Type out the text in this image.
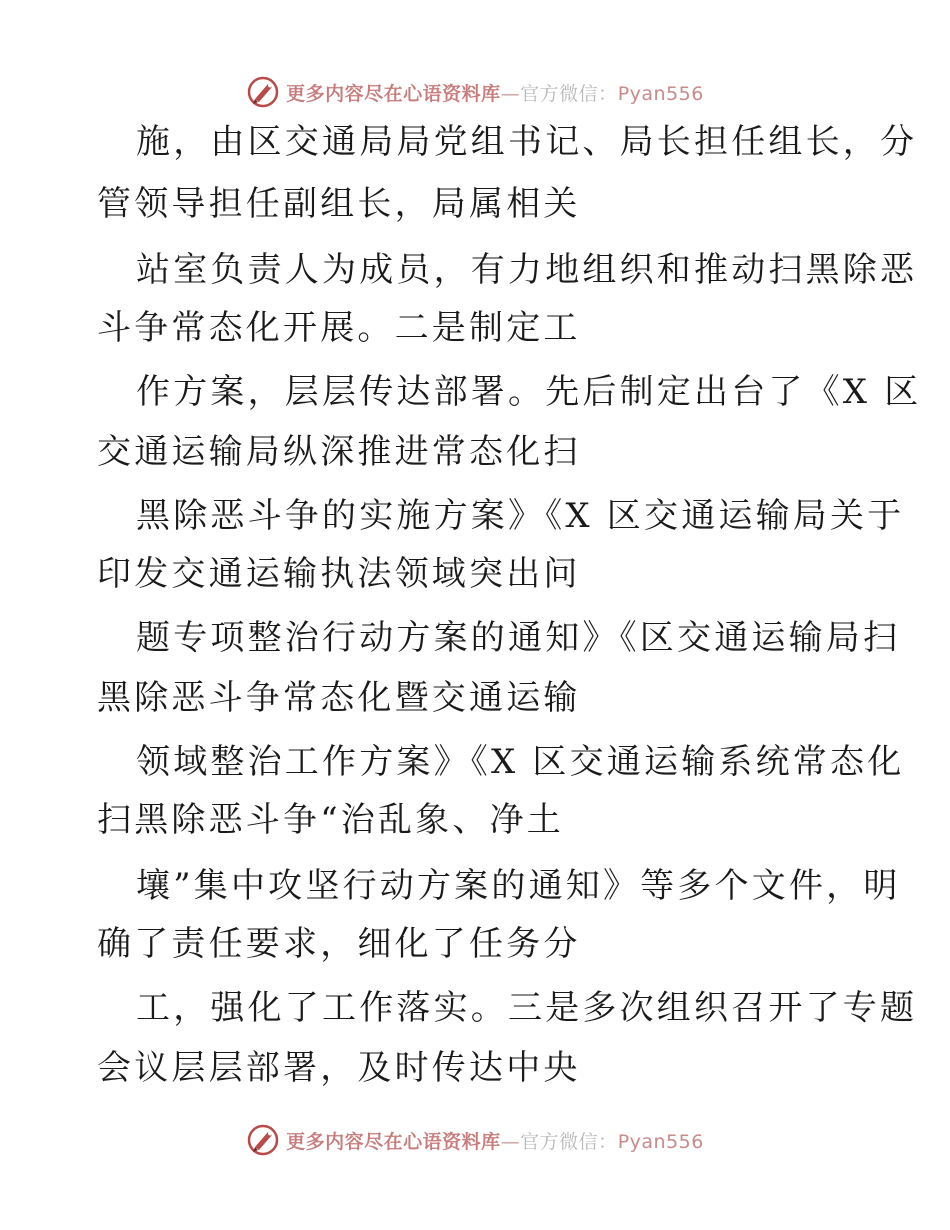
更多内容尽在心语资料库—官方微信：Pyan556
施，由区交通局局党组书记、局长担任组长，分
管领导担任副组长，局属相关
站室负责人为成员，有力地组织和推动扫黑除恶
斗争常态化开展。二是制定工
作方案，层层传达部署。先后制定出台了《X 区
交通运输局纵深推进常态化扫
黑除恶斗争的实施方案》《X 区交通运输局关于
印发交通运输执法领域突出问
题专项整治行动方案的通知》《区交通运输局扫
黑除恶斗争常态化暨交通运输
领域整治工作方案》《X 区交通运输系统常态化
扫黑除恶斗争“治乱象、净土
壤”集中攻坚行动方案的通知》等多个文件，明
确了责任要求，细化了任务分
工，强化了工作落实。三是多次组织召开了专题
会议层层部署，及时传达中央
更多内容尽在心语资料库—官方微信：Pyan556
